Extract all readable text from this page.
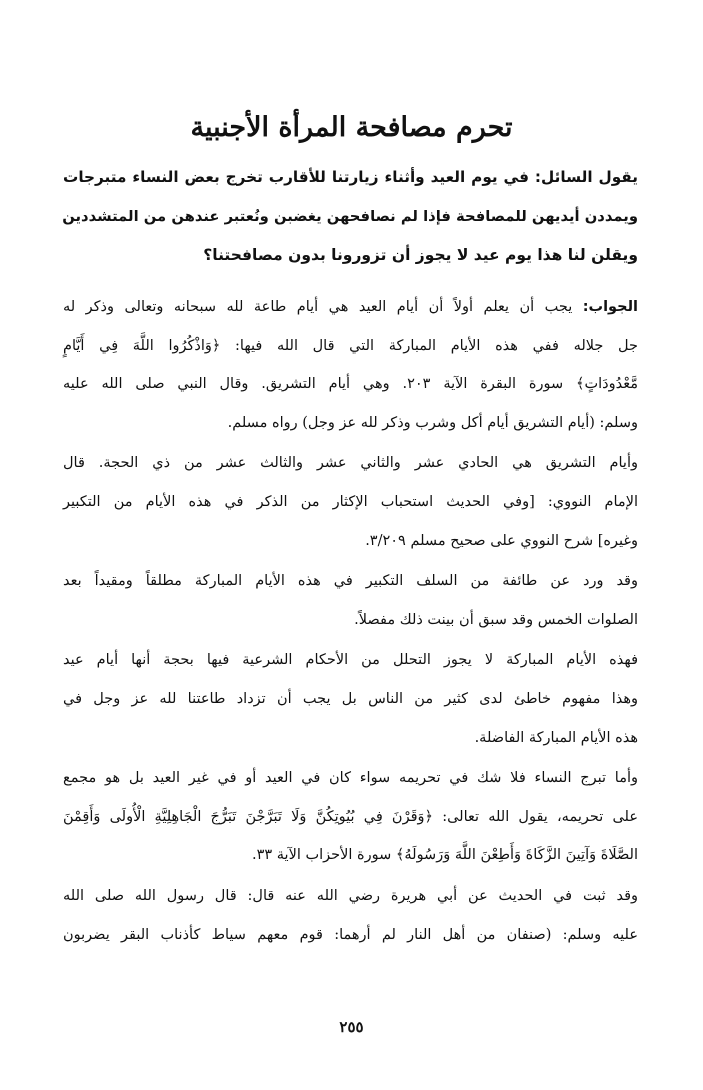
تحرم مصافحة المرأة الأجنبية
يقول السائل: في يوم العيد وأثناء زيارتنا للأقارب تخرج بعض النساء متبرجات
ويمددن أيديهن للمصافحة فإذا لم نصافحهن يغضبن ونُعتبر عندهن من المتشددين
ويقلن لنا هذا يوم عيد لا يجوز أن تزورونا بدون مصافحتنا؟
الجواب: يجب أن يعلم أولاً أن أيام العيد هي أيام طاعة لله سبحانه وتعالى وذكر له
جل جلاله ففي هذه الأيام المباركة التي قال الله فيها: ﴿وَاذْكُرُوا اللَّهَ فِي أَيَّامٍ
مَّعْدُودَاتٍ﴾ سورة البقرة الآية ٢٠٣. وهي أيام التشريق. وقال النبي صلى الله عليه
وسلم: (أيام التشريق أيام أكل وشرب وذكر لله عز وجل) رواه مسلم.
وأيام التشريق هي الحادي عشر والثاني عشر والثالث عشر من ذي الحجة. قال
الإمام النووي: [وفي الحديث استحباب الإكثار من الذكر في هذه الأيام من التكبير
وغيره] شرح النووي على صحيح مسلم ٣/٢٠٩.
وقد ورد عن طائفة من السلف التكبير في هذه الأيام المباركة مطلقاً ومقيداً بعد
الصلوات الخمس وقد سبق أن بينت ذلك مفصلاً.
فهذه الأيام المباركة لا يجوز التحلل من الأحكام الشرعية فيها بحجة أنها أيام عيد
وهذا مفهوم خاطئ لدى كثير من الناس بل يجب أن تزداد طاعتنا لله عز وجل في
هذه الأيام المباركة الفاضلة.
وأما تبرج النساء فلا شك في تحريمه سواء كان في العيد أو في غير العيد بل هو مجمع
على تحريمه، يقول الله تعالى: ﴿وَقَرْنَ فِي بُيُوتِكُنَّ وَلَا تَبَرَّجْنَ تَبَرُّجَ الْجَاهِلِيَّةِ الْأُولَى وَأَقِمْنَ
الصَّلَاةَ وَآتِينَ الزَّكَاةَ وَأَطِعْنَ اللَّهَ وَرَسُولَهُ﴾ سورة الأحزاب الآية ٣٣.
وقد ثبت في الحديث عن أبي هريرة رضي الله عنه قال: قال رسول الله صلى الله
عليه وسلم: (صنفان من أهل النار لم أرهما: قوم معهم سياط كأذناب البقر يضربون
٢٥٥
